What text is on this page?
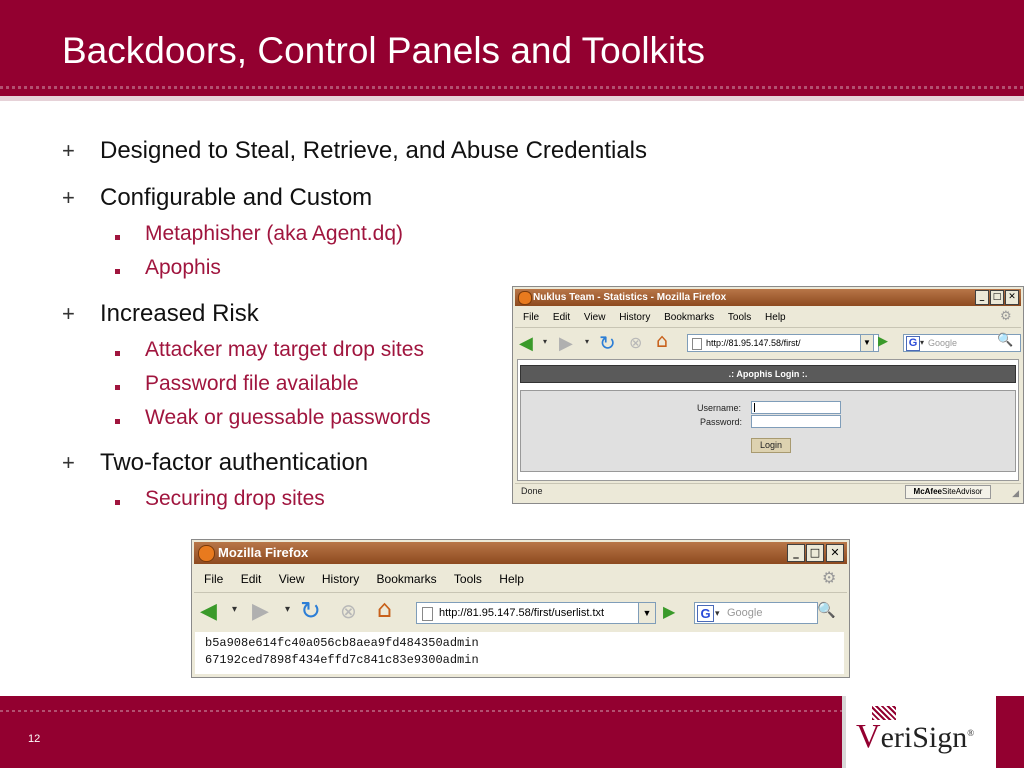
Backdoors, Control Panels and Toolkits
+ Designed to Steal, Retrieve, and Abuse Credentials
+ Configurable and Custom
Metaphisher (aka Agent.dq)
Apophis
+ Increased Risk
Attacker may target drop sites
Password file available
Weak or guessable passwords
+ Two-factor authentication
Securing drop sites
Nuklus Team - Statistics - Mozilla Firefox	_ □ ✕
File Edit View History Bookmarks Tools Help	⚙
◀ ▾ ▶ ▾ ↻ ⊗ ⌂	http://81.95.147.58/first/	▼ ▶ G ▾ Google	🔍
.: Apophis Login :.
Username:
Password:
Login
Done	McAfeeSiteAdvisor	◢
Mozilla Firefox	_	□ ✕
File Edit View History Bookmarks Tools Help	⚙
◀ ▾ ▶ ▾ ↻ ⊗ ⌂	http://81.95.147.58/first/userlist.txt	▼ ▶ G ▾ Google	🔍
b5a908e614fc40a056cb8aea9fd484350admin
67192ced7898f434effd7c841c83e9300admin
12	VeriSign®
